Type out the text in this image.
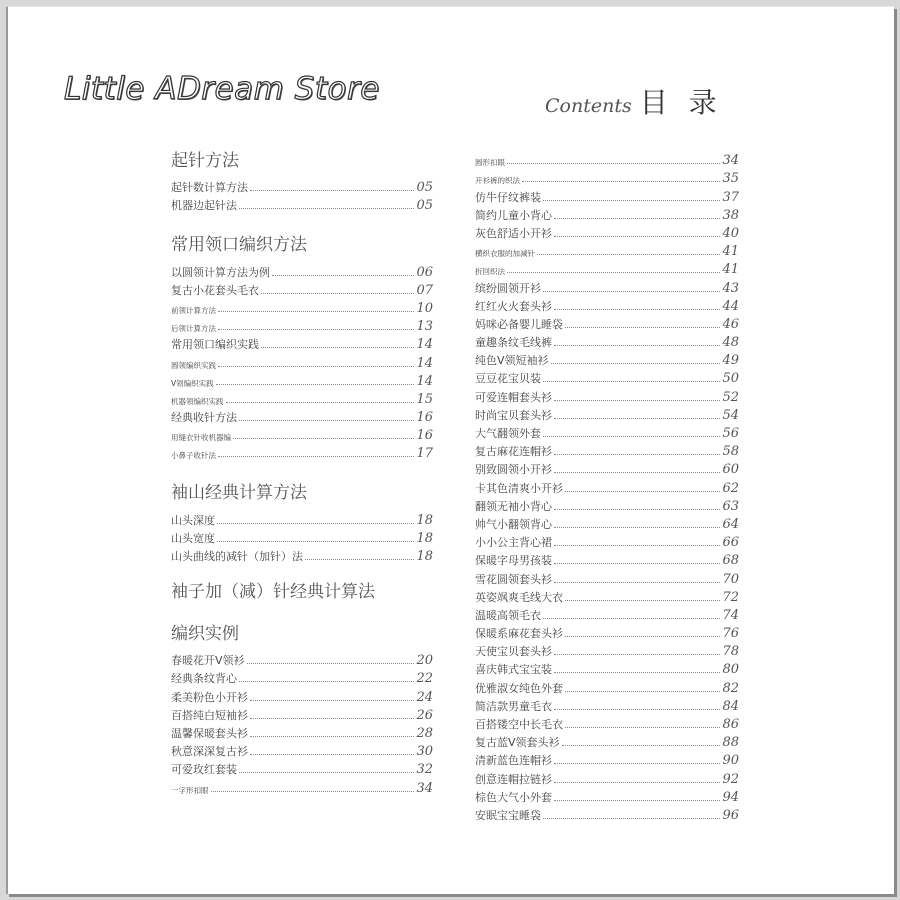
Little ADream Store	Contents 目 录
起针方法
起针数计算方法	05
机器边起针法	05
常用领口编织方法
以圆领计算方法为例	06
复古小花套头毛衣	07
前领计算方法	10
后领计算方法	13
常用领口编织实践	14
圆领编织实践	14
V领编织实践	14
机器领编织实践	15
经典收针方法	16
用缝衣针收机器编	16
小鼻子收针法	17
袖山经典计算方法
山头深度	18
山头宽度	18
山头曲线的减针（加针）法	18
袖子加（减）针经典计算法
编织实例
春暖花开V领衫	20
经典条纹背心	22
柔美粉色小开衫	24
百搭纯白短袖衫	26
温馨保暖套头衫	28
秋意深深复古衫	30
可爱玫红套装	32
一字形扣眼	34
圆形扣眼	34
开衫裤的织法	35
仿牛仔纹裤装	37
简约儿童小背心	38
灰色舒适小开衫	40
横织衣服的加减针	41
折回织法	41
缤纷圆领开衫	43
红红火火套头衫	44
妈咪必备婴儿睡袋	46
童趣条纹毛线裤	48
纯色V领短袖衫	49
豆豆花宝贝装	50
可爱连帽套头衫	52
时尚宝贝套头衫	54
大气翻领外套	56
复古麻花连帽衫	58
别致圆领小开衫	60
卡其色清爽小开衫	62
翻领无袖小背心	63
帅气小翻领背心	64
小小公主背心裙	66
保暖字母男孩装	68
雪花圆领套头衫	70
英姿飒爽毛线大衣	72
温暖高领毛衣	74
保暖系麻花套头衫	76
天使宝贝套头衫	78
喜庆韩式宝宝装	80
优雅淑女纯色外套	82
简洁款男童毛衣	84
百搭镂空中长毛衣	86
复古蓝V领套头衫	88
清新蓝色连帽衫	90
创意连帽拉链衫	92
棕色大气小外套	94
安眠宝宝睡袋	96
